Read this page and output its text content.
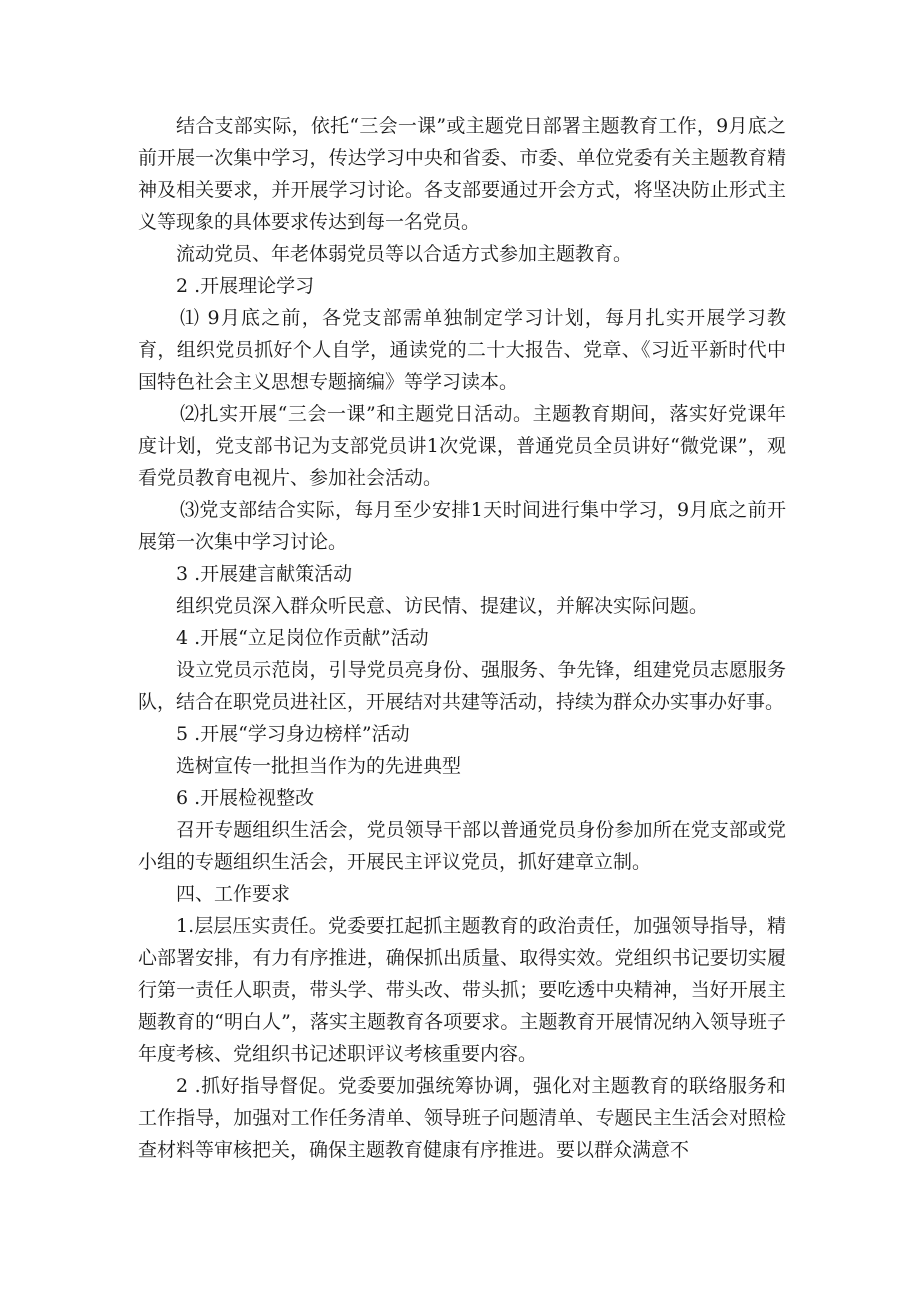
结合支部实际，依托“三会一课”或主题党日部署主题教育工作，9月底之前开展一次集中学习，传达学习中央和省委、市委、单位党委有关主题教育精神及相关要求，并开展学习讨论。各支部要通过开会方式，将坚决防止形式主义等现象的具体要求传达到每一名党员。

流动党员、年老体弱党员等以合适方式参加主题教育。

2 .开展理论学习

⑴ 9月底之前，各党支部需单独制定学习计划，每月扎实开展学习教育，组织党员抓好个人自学，通读党的二十大报告、党章、《习近平新时代中国特色社会主义思想专题摘编》等学习读本。

⑵扎实开展“三会一课”和主题党日活动。主题教育期间，落实好党课年度计划，党支部书记为支部党员讲1次党课，普通党员全员讲好“微党课”，观看党员教育电视片、参加社会活动。

⑶党支部结合实际，每月至少安排1天时间进行集中学习，9月底之前开展第一次集中学习讨论。

3 .开展建言献策活动

组织党员深入群众听民意、访民情、提建议，并解决实际问题。

4 .开展“立足岗位作贡献”活动

设立党员示范岗，引导党员亮身份、强服务、争先锋，组建党员志愿服务队，结合在职党员进社区，开展结对共建等活动，持续为群众办实事办好事。

5 .开展“学习身边榜样”活动

选树宣传一批担当作为的先进典型

6 .开展检视整改

召开专题组织生活会，党员领导干部以普通党员身份参加所在党支部或党小组的专题组织生活会，开展民主评议党员，抓好建章立制。

四、工作要求

1.层层压实责任。党委要扛起抓主题教育的政治责任，加强领导指导，精心部署安排，有力有序推进，确保抓出质量、取得实效。党组织书记要切实履行第一责任人职责，带头学、带头改、带头抓；要吃透中央精神，当好开展主题教育的“明白人”，落实主题教育各项要求。主题教育开展情况纳入领导班子年度考核、党组织书记述职评议考核重要内容。

2 .抓好指导督促。党委要加强统筹协调，强化对主题教育的联络服务和工作指导，加强对工作任务清单、领导班子问题清单、专题民主生活会对照检查材料等审核把关，确保主题教育健康有序推进。要以群众满意不
